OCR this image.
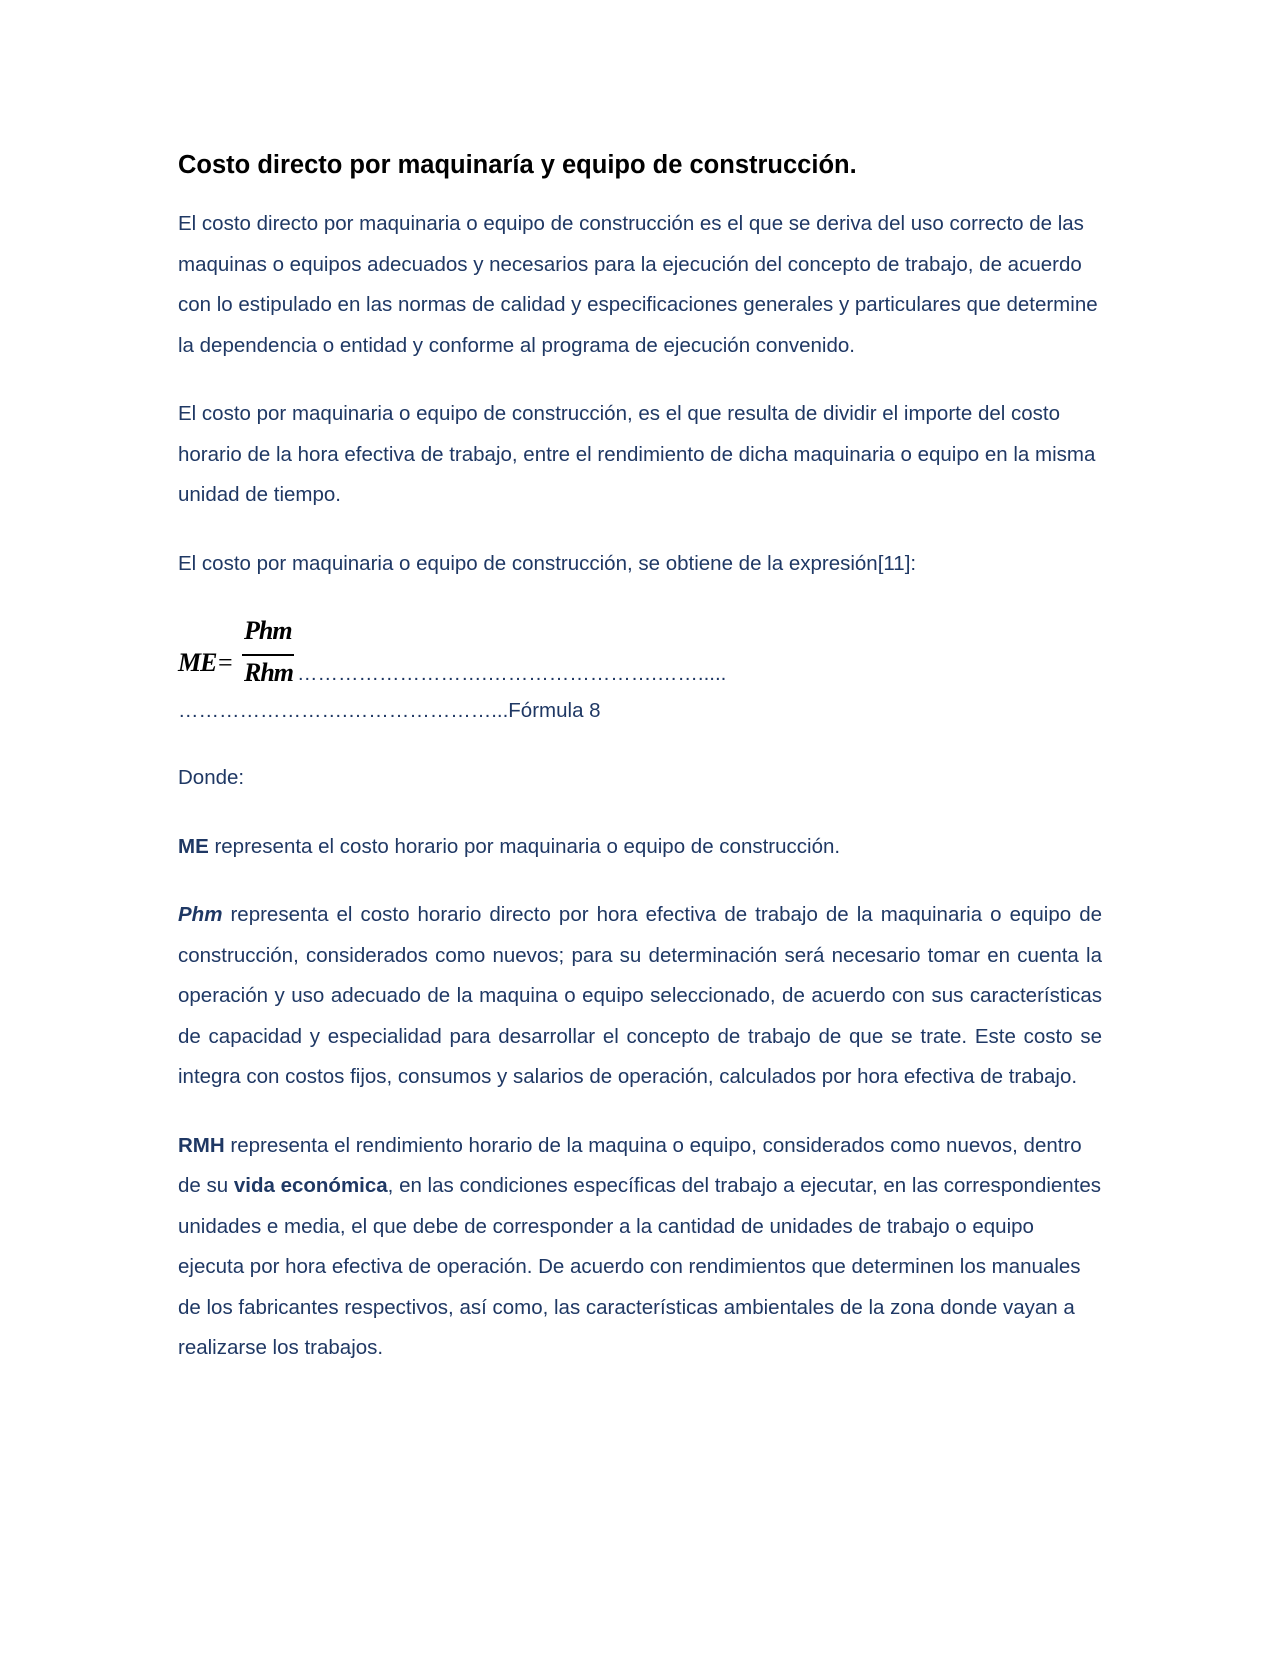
Costo directo por maquinaría y equipo de construcción.

El costo directo por maquinaria o equipo de construcción es el que se deriva del uso correcto de las maquinas o equipos adecuados y necesarios para la ejecución del concepto de trabajo, de acuerdo con lo estipulado en las normas de calidad y especificaciones generales y particulares que determine la dependencia o entidad y conforme al programa de ejecución convenido.

El costo por maquinaria o equipo de construcción, es el que resulta de dividir el importe del costo horario de la hora efectiva de trabajo, entre el rendimiento de dicha maquinaria o equipo en la misma unidad de tiempo.

El costo por maquinaria o equipo de construcción, se obtiene de la expresión[11]:

ME =
Phm
Rhm ……………………….…………………….…….....
…………………….…………………...Fórmula 8

Donde:

ME representa el costo horario por maquinaria o equipo de construcción.

Phm representa el costo horario directo por hora efectiva de trabajo de la maquinaria o equipo de construcción, considerados como nuevos; para su determinación será necesario tomar en cuenta la operación y uso adecuado de la maquina o equipo seleccionado, de acuerdo con sus características de capacidad y especialidad para desarrollar el concepto de trabajo de que se trate. Este costo se integra con costos fijos, consumos y salarios de operación, calculados por hora efectiva de trabajo.

RMH representa el rendimiento horario de la maquina o equipo, considerados como nuevos, dentro de su vida económica, en las condiciones específicas del trabajo a ejecutar, en las correspondientes unidades e media, el que debe de corresponder a la cantidad de unidades de trabajo o equipo ejecuta por hora efectiva de operación. De acuerdo con rendimientos que determinen los manuales de los fabricantes respectivos, así como, las características ambientales de la zona donde vayan a realizarse los trabajos.
